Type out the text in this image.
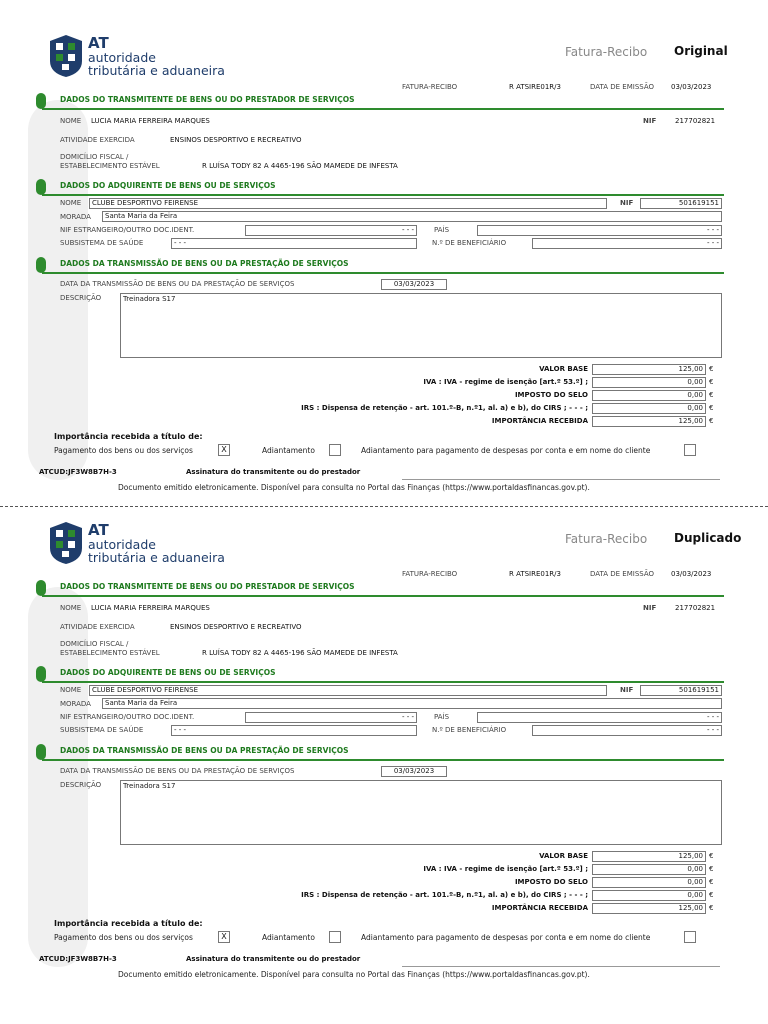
AT
autoridade
tributária e aduaneira
Fatura-Recibo Original
FATURA-RECIBO	R ATSIRE01R/3	DATA DE EMISSÃO 03/03/2023
DADOS DO TRANSMITENTE DE BENS OU DO PRESTADOR DE SERVIÇOS
NOME LUCIA MARIA FERREIRA MARQUES	NIF	217702821
ATIVIDADE EXERCIDA	ENSINOS DESPORTIVO E RECREATIVO
DOMICÍLIO FISCAL /
ESTABELECIMENTO ESTÁVEL	R LUÍSA TODY 82 A 4465-196 SÃO MAMEDE DE INFESTA
DADOS DO ADQUIRENTE DE BENS OU DE SERVIÇOS
NOME	CLUBE DESPORTIVO FEIRENSE	NIF	501619151
MORADA	Santa Maria da Feira
NIF ESTRANGEIRO/OUTRO DOC.IDENT.	- - -	PAÍS	- - -
SUBSISTEMA DE SAÚDE	- - -	N.º DE BENEFICIÁRIO	- - -
DADOS DA TRANSMISSÃO DE BENS OU DA PRESTAÇÃO DE SERVIÇOS
DATA DA TRANSMISSÃO DE BENS OU DA PRESTAÇÃO DE SERVIÇOS	03/03/2023
DESCRIÇÃO	Treinadora S17
VALOR BASE	125,00 €
IVA : IVA - regime de isenção [art.º 53.º] ;	0,00 €
IMPOSTO DO SELO	0,00 €
IRS : Dispensa de retenção - art. 101.º-B, n.º1, al. a) e b), do CIRS ; - - - ;	0,00 €
IMPORTÂNCIA RECEBIDA	125,00 €
Importância recebida a título de:
Pagamento dos bens ou dos serviços	X	Adiantamento	Adiantamento para pagamento de despesas por conta e em nome do cliente
ATCUD:JF3W8B7H-3	Assinatura do transmitente ou do prestador
Documento emitido eletronicamente. Disponível para consulta no Portal das Finanças (https://www.portaldasfinancas.gov.pt).
AT
autoridade
tributária e aduaneira
Fatura-Recibo Duplicado
FATURA-RECIBO	R ATSIRE01R/3	DATA DE EMISSÃO 03/03/2023
DADOS DO TRANSMITENTE DE BENS OU DO PRESTADOR DE SERVIÇOS
NOME LUCIA MARIA FERREIRA MARQUES	NIF	217702821
ATIVIDADE EXERCIDA	ENSINOS DESPORTIVO E RECREATIVO
DOMICÍLIO FISCAL /
ESTABELECIMENTO ESTÁVEL	R LUÍSA TODY 82 A 4465-196 SÃO MAMEDE DE INFESTA
DADOS DO ADQUIRENTE DE BENS OU DE SERVIÇOS
NOME	CLUBE DESPORTIVO FEIRENSE	NIF	501619151
MORADA	Santa Maria da Feira
NIF ESTRANGEIRO/OUTRO DOC.IDENT.	- - -	PAÍS	- - -
SUBSISTEMA DE SAÚDE	- - -	N.º DE BENEFICIÁRIO	- - -
DADOS DA TRANSMISSÃO DE BENS OU DA PRESTAÇÃO DE SERVIÇOS
DATA DA TRANSMISSÃO DE BENS OU DA PRESTAÇÃO DE SERVIÇOS	03/03/2023
DESCRIÇÃO	Treinadora S17
VALOR BASE	125,00 €
IVA : IVA - regime de isenção [art.º 53.º] ;	0,00 €
IMPOSTO DO SELO	0,00 €
IRS : Dispensa de retenção - art. 101.º-B, n.º1, al. a) e b), do CIRS ; - - - ;	0,00 €
IMPORTÂNCIA RECEBIDA	125,00 €
Importância recebida a título de:
Pagamento dos bens ou dos serviços	X	Adiantamento	Adiantamento para pagamento de despesas por conta e em nome do cliente
ATCUD:JF3W8B7H-3	Assinatura do transmitente ou do prestador
Documento emitido eletronicamente. Disponível para consulta no Portal das Finanças (https://www.portaldasfinancas.gov.pt).
